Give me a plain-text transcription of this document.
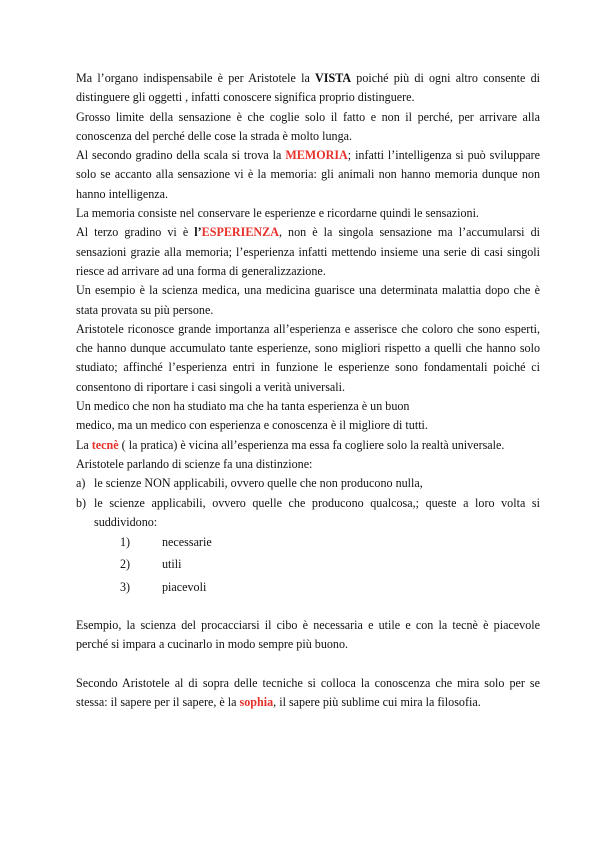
Ma l’organo indispensabile è per Aristotele la VISTA poiché più di ogni altro consente di distinguere gli oggetti , infatti conoscere significa proprio distinguere.

Grosso limite della sensazione è che coglie solo il fatto e non il perché, per arrivare alla conoscenza del perché delle cose la strada è molto lunga.

Al secondo gradino della scala si trova la MEMORIA; infatti l’intelligenza si può sviluppare solo se accanto alla sensazione vi è la memoria: gli animali non hanno memoria dunque non hanno intelligenza.

La memoria consiste nel conservare le esperienze e ricordarne quindi le sensazioni.

Al terzo gradino vi è l’ESPERIENZA, non è la singola sensazione ma l’accumularsi di sensazioni grazie alla memoria; l’esperienza infatti mettendo insieme una serie di casi singoli riesce ad arrivare ad una forma di generalizzazione.

Un esempio è la scienza medica, una medicina guarisce una determinata malattia dopo che è stata provata su più persone.

Aristotele riconosce grande importanza all’esperienza e asserisce che coloro che sono esperti, che hanno dunque accumulato tante esperienze, sono migliori rispetto a quelli che hanno solo studiato; affinché l’esperienza entri in funzione le esperienze sono fondamentali poiché ci consentono di riportare i casi singoli a verità universali.

Un medico che non ha studiato ma che ha tanta esperienza è un buon

medico, ma un medico con esperienza e conoscenza è il migliore di tutti.

La tecnè ( la pratica) è vicina all’esperienza ma essa fa cogliere solo la realtà universale.

Aristotele parlando di scienze fa una distinzione:

a) le scienze NON applicabili, ovvero quelle che non producono nulla,

b) le scienze applicabili, ovvero quelle che producono qualcosa,; queste a loro volta si suddividono:

1)	necessarie

2)	utili

3)	piacevoli

Esempio, la scienza del procacciarsi il cibo è necessaria e utile e con la tecnè è piacevole perché si impara a cucinarlo in modo sempre più buono.

Secondo Aristotele al di sopra delle tecniche si colloca la conoscenza che mira solo per se stessa: il sapere per il sapere, è la sophia, il sapere più sublime cui mira la filosofia.
